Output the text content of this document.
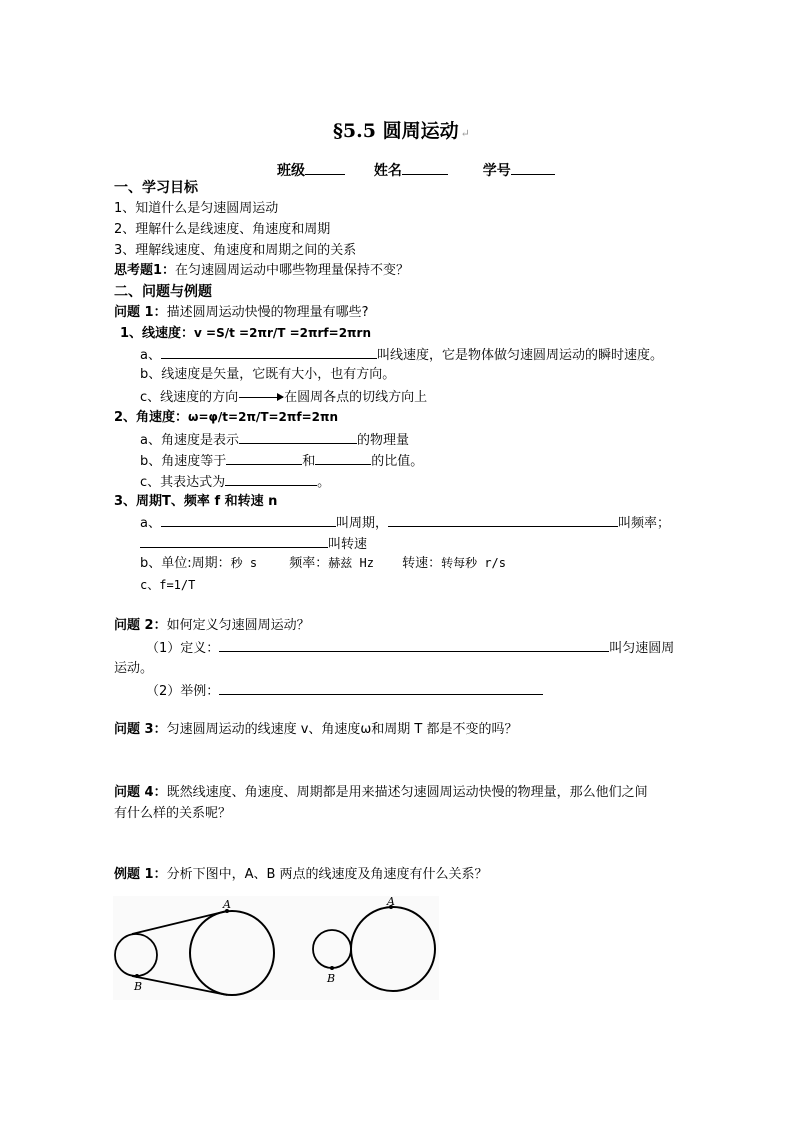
§5.5 圆周运动 ↵
班级	姓名	学号
一、学习目标
1、知道什么是匀速圆周运动
2、理解什么是线速度、角速度和周期
3、理解线速度、角速度和周期之间的关系
思考题1：在匀速圆周运动中哪些物理量保持不变？
二、问题与例题
问题 1：描述圆周运动快慢的物理量有哪些?
1、线速度：v =S/t =2πr/T =2πrf=2πrn
a、	叫线速度，它是物体做匀速圆周运动的瞬时速度。
b、线速度是矢量，它既有大小，也有方向。
c、线速度的方向	在圆周各点的切线方向上
2、角速度：ω=φ/t=2π/T=2πf=2πn
a、角速度是表示	的物理量
b、角速度等于	和	的比值。
c、其表达式为	。
3、周期T、频率 f 和转速 n
a、	叫周期，	叫频率；
叫转速
b、单位:周期：秒 s 频率：赫兹 Hz 转速：转每秒 r/s
c、f=1/T
问题 2：如何定义匀速圆周运动？
（1）定义：	叫匀速圆周
运动。
（2）举例：
问题 3：匀速圆周运动的线速度 v、角速度ω和周期 T 都是不变的吗？
问题 4：既然线速度、角速度、周期都是用来描述匀速圆周运动快慢的物理量，那么他们之间
有什么样的关系呢？
例题 1：分析下图中，A、B 两点的线速度及角速度有什么关系？
A
B
A
B
